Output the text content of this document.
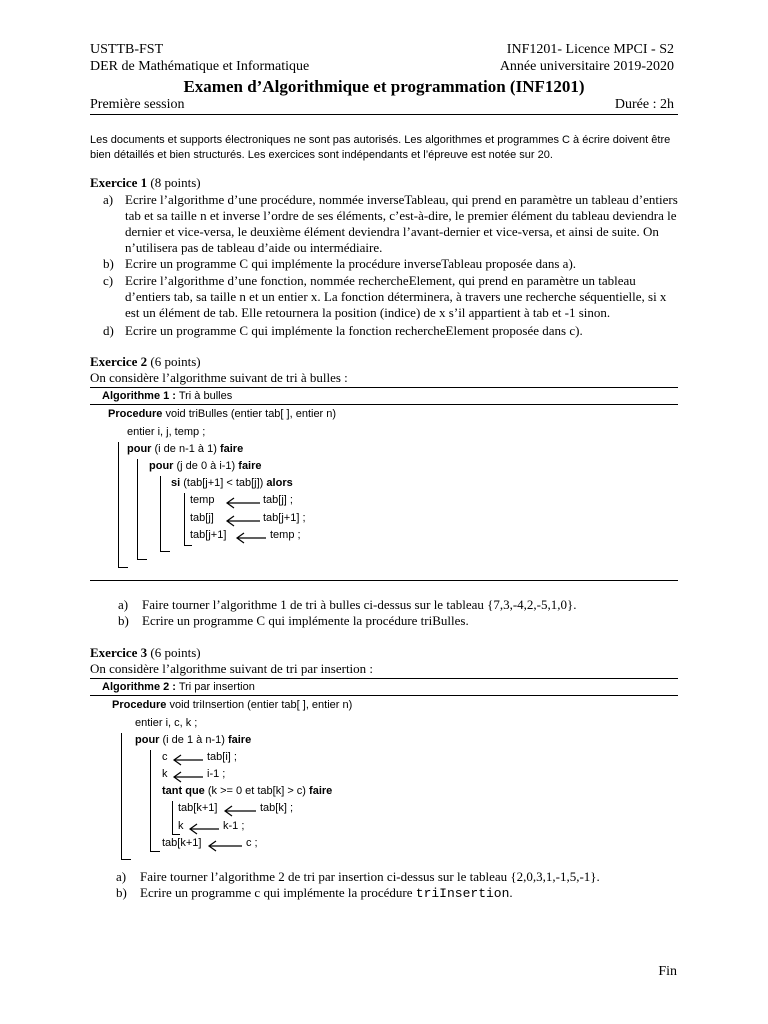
USTTB-FST
DER de Mathématique et Informatique
INF1201- Licence MPCI - S2
Année universitaire 2019-2020
Examen d’Algorithmique et programmation (INF1201)
Première session	Durée : 2h
Les documents et supports électroniques ne sont pas autorisés. Les algorithmes et programmes C à écrire doivent être
bien détaillés et bien structurés. Les exercices sont indépendants et l’épreuve est notée sur 20.
Exercice 1 (8 points)
a) Ecrire l’algorithme d’une procédure, nommée inverseTableau, qui prend en paramètre un tableau d’entiers
tab et sa taille n et inverse l’ordre de ses éléments, c’est-à-dire, le premier élément du tableau deviendra le
dernier et vice-versa, le deuxième élément deviendra l’avant-dernier et vice-versa, et ainsi de suite. On
n’utilisera pas de tableau d’aide ou intermédiaire.
b) Ecrire un programme C qui implémente la procédure inverseTableau proposée dans a).
c) Ecrire l’algorithme d’une fonction, nommée rechercheElement, qui prend en paramètre un tableau
d’entiers tab, sa taille n et un entier x. La fonction déterminera, à travers une recherche séquentielle, si x
est un élément de tab. Elle retournera la position (indice) de x s’il appartient à tab et -1 sinon.
d) Ecrire un programme C qui implémente la fonction rechercheElement proposée dans c).
Exercice 2 (6 points)
On considère l’algorithme suivant de tri à bulles :
Algorithme 1 : Tri à bulles
Procedure void triBulles (entier tab[ ], entier n)
entier i, j, temp ;
pour (i de n-1 à 1) faire
pour (j de 0 à i-1) faire
si (tab[j+1] < tab[j]) alors
temp	tab[j] ;
tab[j]	tab[j+1] ;
tab[j+1]	temp ;
a) Faire tourner l’algorithme 1 de tri à bulles ci-dessus sur le tableau {7,3,-4,2,-5,1,0}.
b) Ecrire un programme C qui implémente la procédure triBulles.
Exercice 3 (6 points)
On considère l’algorithme suivant de tri par insertion :
Algorithme 2 : Tri par insertion
Procedure void triInsertion (entier tab[ ], entier n)
entier i, c, k ;
pour (i de 1 à n-1) faire
c	tab[i] ;
k	i-1 ;
tant que (k >= 0 et tab[k] > c) faire
tab[k+1]	tab[k] ;
k	k-1 ;
tab[k+1]	c ;
a) Faire tourner l’algorithme 2 de tri par insertion ci-dessus sur le tableau {2,0,3,1,-1,5,-1}.
b) Ecrire un programme c qui implémente la procédure triInsertion.
Fin
